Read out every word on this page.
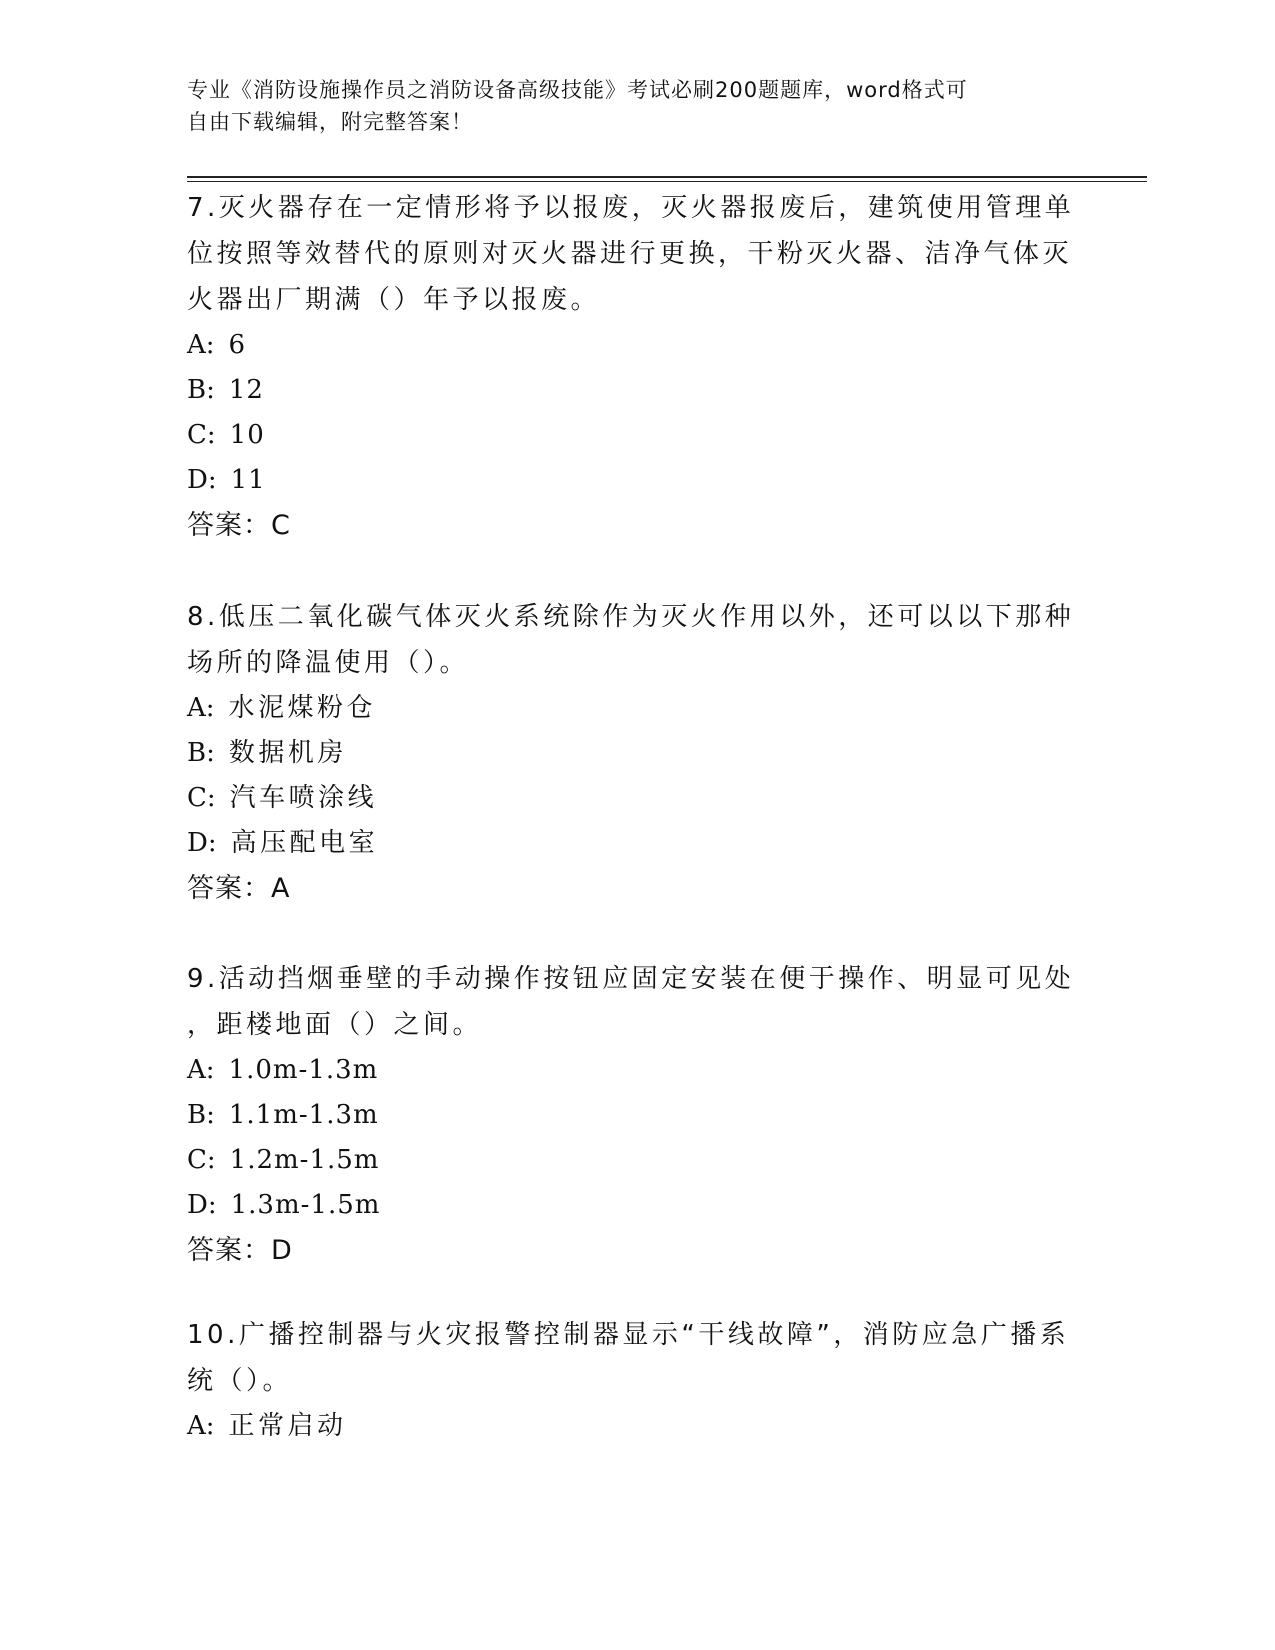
专业《消防设施操作员之消防设备高级技能》考试必刷200题题库，word格式可
自由下载编辑，附完整答案！
7.灭火器存在一定情形将予以报废，灭火器报废后，建筑使用管理单
位按照等效替代的原则对灭火器进行更换，干粉灭火器、洁净气体灭
火器出厂期满（）年予以报废。
A: 6
B: 12
C: 10
D: 11
答案：C
8.低压二氧化碳气体灭火系统除作为灭火作用以外，还可以以下那种
场所的降温使用（）。
A: 水泥煤粉仓
B: 数据机房
C: 汽车喷涂线
D: 高压配电室
答案：A
9.活动挡烟垂壁的手动操作按钮应固定安装在便于操作、明显可见处
，距楼地面（）之间。
A: 1.0m-1.3m
B: 1.1m-1.3m
C: 1.2m-1.5m
D: 1.3m-1.5m
答案：D
10.广播控制器与火灾报警控制器显示“干线故障”，消防应急广播系
统（）。
A: 正常启动
